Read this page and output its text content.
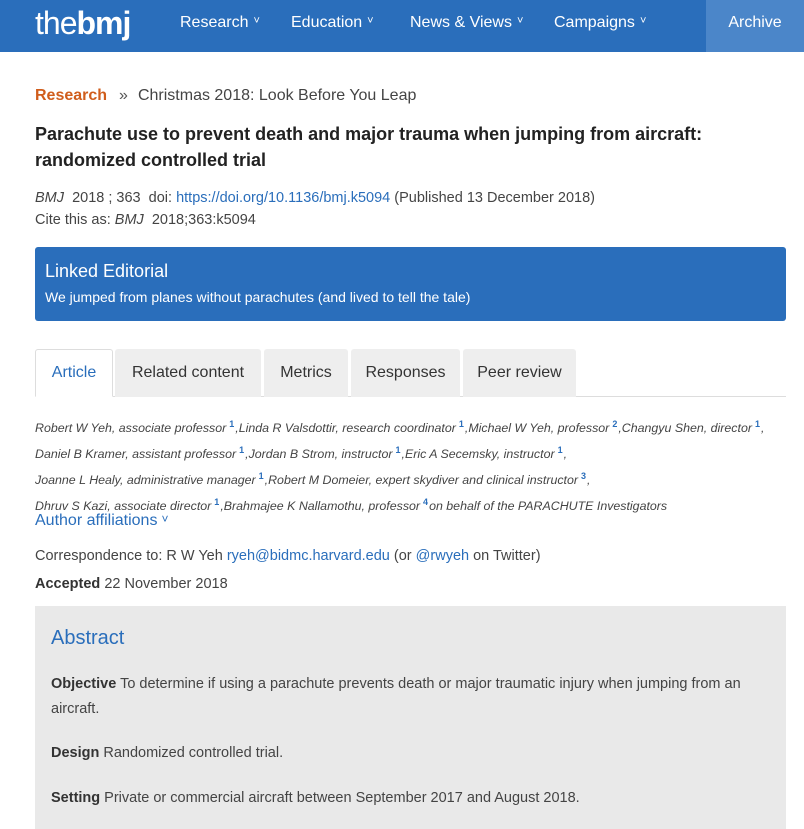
thebmj	Research ˅ Education ˅ News & Views ˅ Campaigns ˅	Archive
Research » Christmas 2018: Look Before You Leap
Parachute use to prevent death and major trauma when jumping from aircraft: randomized controlled trial
BMJ 2018 ; 363 doi: https://doi.org/10.1136/bmj.k5094 (Published 13 December 2018)
Cite this as: BMJ 2018;363:k5094
Linked Editorial
We jumped from planes without parachutes (and lived to tell the tale)
Article	Related content	Metrics	Responses	Peer review
Robert W Yeh, associate professor $^1$,Linda R Valsdottir, research coordinator $^1$,Michael W Yeh, professor $^2$,Changyu Shen, director $^1$,
Daniel B Kramer, assistant professor $^1$,Jordan B Strom, instructor $^1$,Eric A Secemsky, instructor $^1$,
Joanne L Healy, administrative manager $^1$,Robert M Domeier, expert skydiver and clinical instructor $^3$,
Dhruv S Kazi, associate director $^1$,Brahmajee K Nallamothu, professor $^4$on behalf of the PARACHUTE Investigators
Author affiliations ˅
Correspondence to: R W Yeh ryeh@bidmc.harvard.edu (or @rwyeh on Twitter)
Accepted 22 November 2018
Abstract
Objective To determine if using a parachute prevents death or major traumatic injury when jumping from an aircraft.
Design Randomized controlled trial.
Setting Private or commercial aircraft between September 2017 and August 2018.
